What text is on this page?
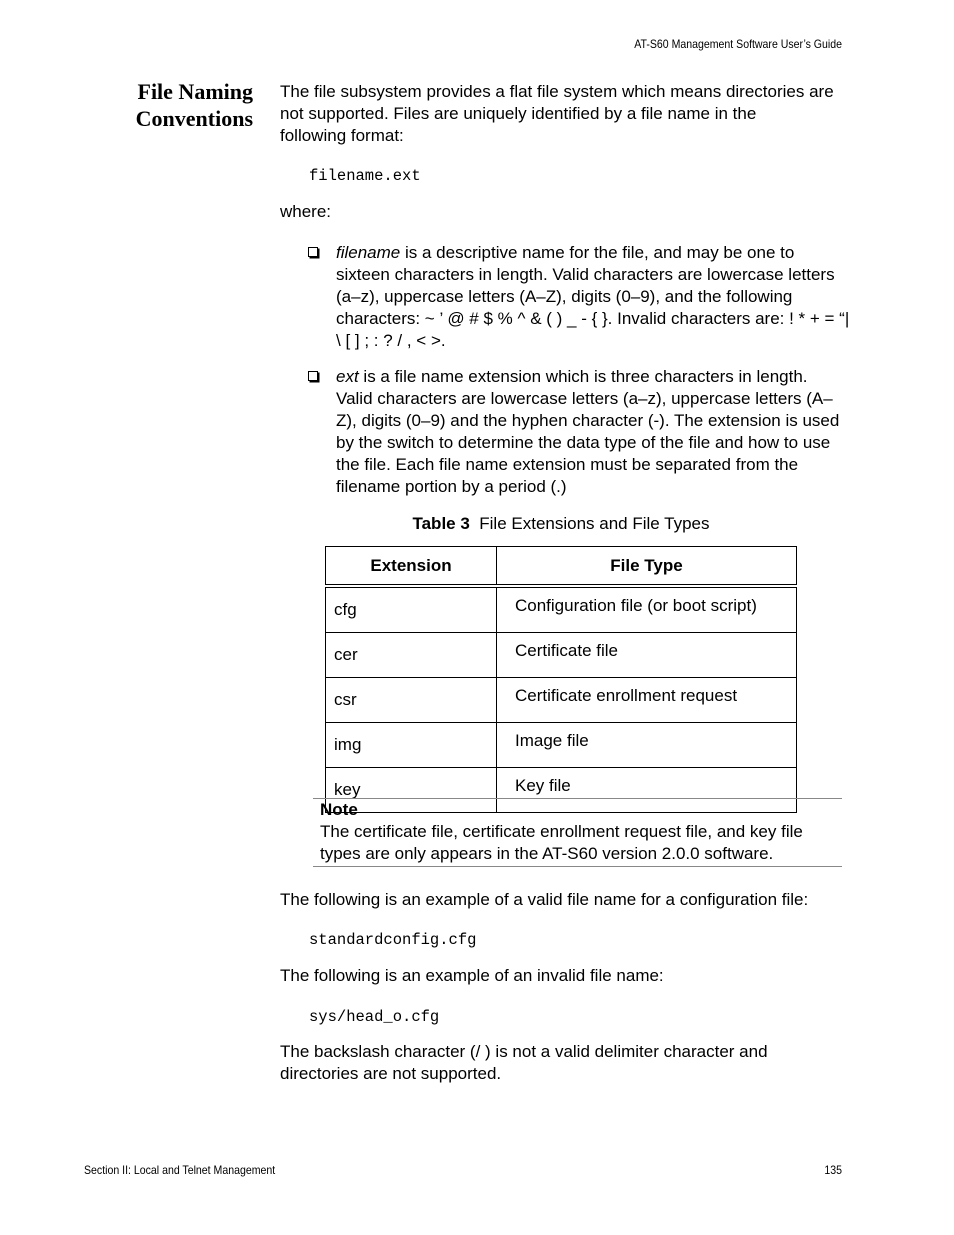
AT-S60 Management Software User’s Guide
File Naming
Conventions
The file subsystem provides a flat file system which means directories are
not supported. Files are uniquely identified by a file name in the
following format:
filename.ext
where:
filename is a descriptive name for the file, and may be one to
sixteen characters in length. Valid characters are lowercase letters
(a–z), uppercase letters (A–Z), digits (0–9), and the following
characters: ~ ’ @ # $ % ^ & ( ) _ - { }. Invalid characters are: ! * + = “|
\ [ ] ; : ? / , < >.
ext is a file name extension which is three characters in length.
Valid characters are lowercase letters (a–z), uppercase letters (A–
Z), digits (0–9) and the hyphen character (-). The extension is used
by the switch to determine the data type of the file and how to use
the file. Each file name extension must be separated from the
filename portion by a period (.)
Table 3 File Extensions and File Types
Extension	File Type
cfg	Configuration file (or boot script)
cer	Certificate file
csr	Certificate enrollment request
img	Image file
key	Key file
Note
The certificate file, certificate enrollment request file, and key file
types are only appears in the AT-S60 version 2.0.0 software.
The following is an example of a valid file name for a configuration file:
standardconfig.cfg
The following is an example of an invalid file name:
sys/head_o.cfg
The backslash character (/ ) is not a valid delimiter character and
directories are not supported.
Section II: Local and Telnet Management	135
